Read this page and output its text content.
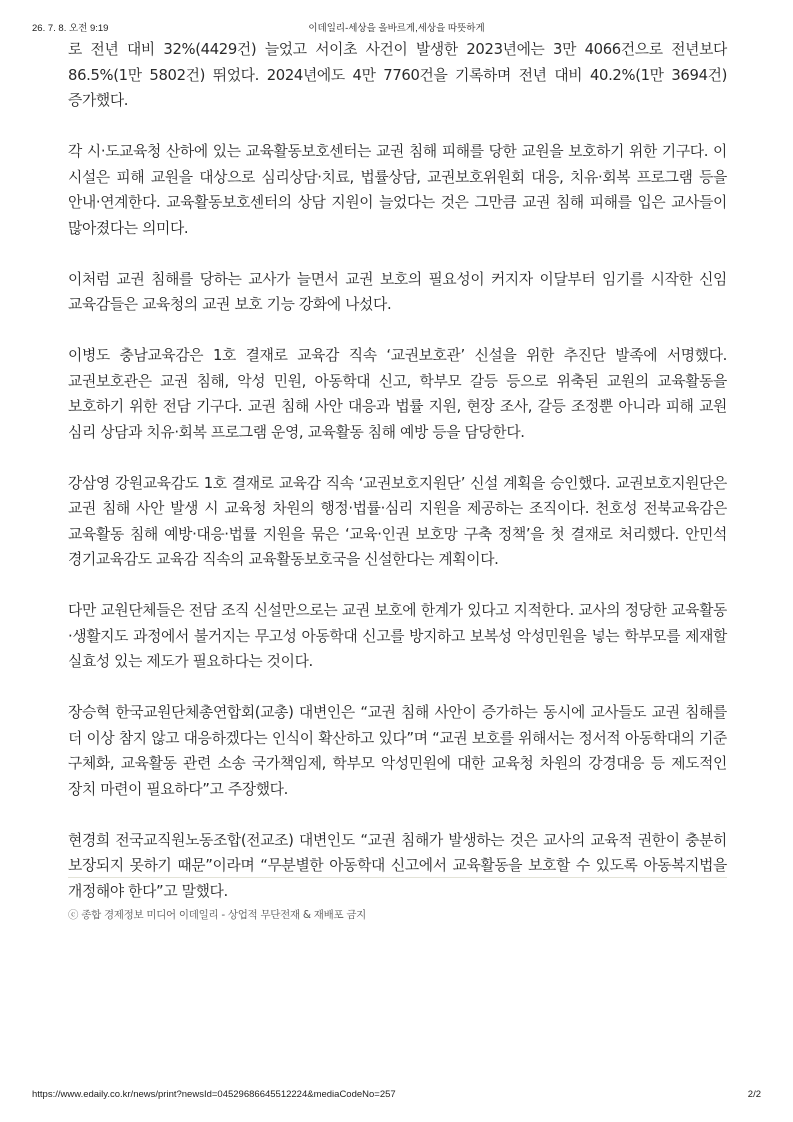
26. 7. 8. 오전 9:19	이데일리-세상을 올바르게,세상을 따뜻하게

로 전년 대비 32%(4429건) 늘었고 서이초 사건이 발생한 2023년에는 3만 4066건으로 전년보다 86.5%(1만 5802건) 뛰었다. 2024년에도 4만 7760건을 기록하며 전년 대비 40.2%(1만 3694건) 증가했다.

각 시·도교육청 산하에 있는 교육활동보호센터는 교권 침해 피해를 당한 교원을 보호하기 위한 기구다. 이 시설은 피해 교원을 대상으로 심리상담·치료, 법률상담, 교권보호위원회 대응, 치유·회복 프로그램 등을 안내·연계한다. 교육활동보호센터의 상담 지원이 늘었다는 것은 그만큼 교권 침해 피해를 입은 교사들이 많아졌다는 의미다.

이처럼 교권 침해를 당하는 교사가 늘면서 교권 보호의 필요성이 커지자 이달부터 임기를 시작한 신임 교육감들은 교육청의 교권 보호 기능 강화에 나섰다.

이병도 충남교육감은 1호 결재로 교육감 직속 ‘교권보호관’ 신설을 위한 추진단 발족에 서명했다. 교권보호관은 교권 침해, 악성 민원, 아동학대 신고, 학부모 갈등 등으로 위축된 교원의 교육활동을 보호하기 위한 전담 기구다. 교권 침해 사안 대응과 법률 지원, 현장 조사, 갈등 조정뿐 아니라 피해 교원 심리 상담과 치유·회복 프로그램 운영, 교육활동 침해 예방 등을 담당한다.

강삼영 강원교육감도 1호 결재로 교육감 직속 ‘교권보호지원단’ 신설 계획을 승인했다. 교권보호지원단은 교권 침해 사안 발생 시 교육청 차원의 행정·법률·심리 지원을 제공하는 조직이다. 천호성 전북교육감은 교육활동 침해 예방·대응·법률 지원을 묶은 ‘교육·인권 보호망 구축 정책’을 첫 결재로 처리했다. 안민석 경기교육감도 교육감 직속의 교육활동보호국을 신설한다는 계획이다.

다만 교원단체들은 전담 조직 신설만으로는 교권 보호에 한계가 있다고 지적한다. 교사의 정당한 교육활동·생활지도 과정에서 불거지는 무고성 아동학대 신고를 방지하고 보복성 악성민원을 넣는 학부모를 제재할 실효성 있는 제도가 필요하다는 것이다.

장승혁 한국교원단체총연합회(교총) 대변인은 “교권 침해 사안이 증가하는 동시에 교사들도 교권 침해를 더 이상 참지 않고 대응하겠다는 인식이 확산하고 있다”며 “교권 보호를 위해서는 정서적 아동학대의 기준 구체화, 교육활동 관련 소송 국가책임제, 학부모 악성민원에 대한 교육청 차원의 강경대응 등 제도적인 장치 마련이 필요하다”고 주장했다.

현경희 전국교직원노동조합(전교조) 대변인도 “교권 침해가 발생하는 것은 교사의 교육적 권한이 충분히 보장되지 못하기 때문”이라며 “무분별한 아동학대 신고에서 교육활동을 보호할 수 있도록 아동복지법을 개정해야 한다”고 말했다.

ⓒ 종합 경제정보 미디어 이데일리 - 상업적 무단전재 & 재배포 금지
https://www.edaily.co.kr/news/print?newsId=04529686645512224&mediaCodeNo=257	2/2
